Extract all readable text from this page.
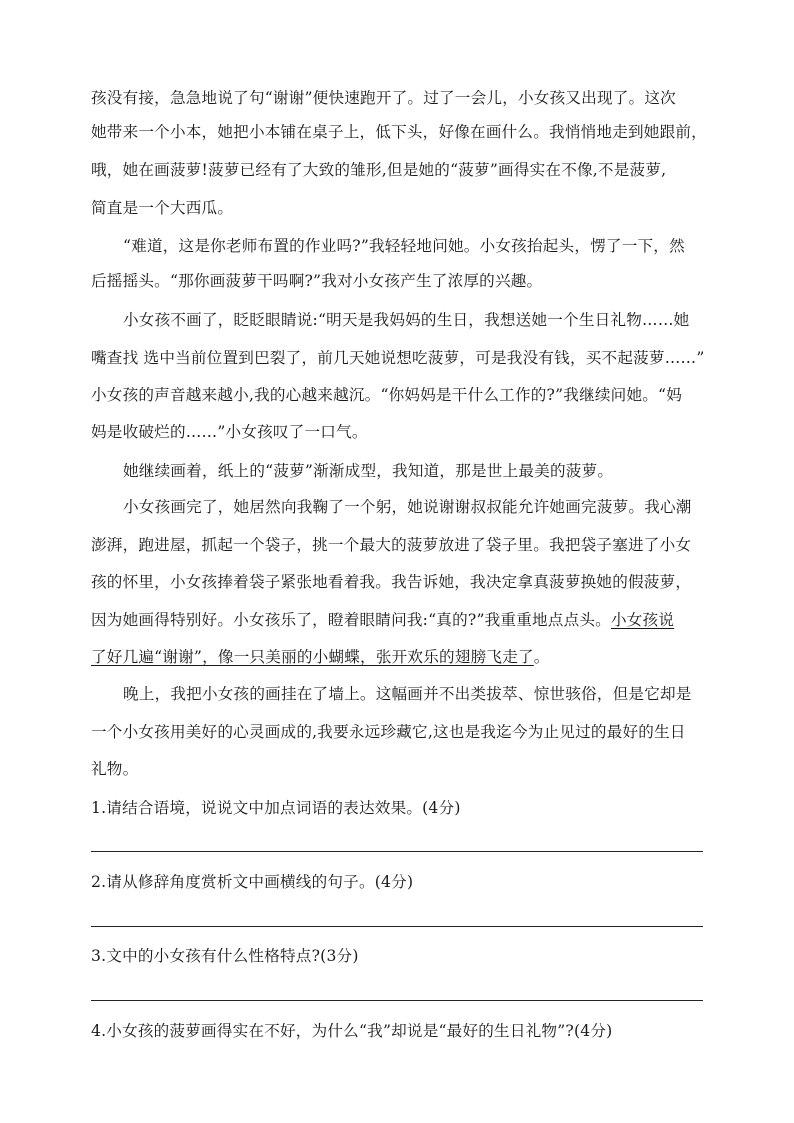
孩没有接，急急地说了句“谢谢”便快速跑开了。过了一会儿，小女孩又出现了。这次
她带来一个小本，她把小本铺在桌子上，低下头，好像在画什么。我悄悄地走到她跟前，
哦，她在画菠萝!菠萝已经有了大致的雏形,但是她的“菠萝”画得实在不像,不是菠萝,
简直是一个大西瓜。
“难道，这是你老师布置的作业吗?”我轻轻地问她。小女孩抬起头，愣了一下，然
后摇摇头。“那你画菠萝干吗啊?”我对小女孩产生了浓厚的兴趣。
小女孩不画了，眨眨眼睛说:“明天是我妈妈的生日，我想送她一个生日礼物……她
嘴查找 选中当前位置到巴裂了，前几天她说想吃菠萝，可是我没有钱，买不起菠萝……”
小女孩的声音越来越小,我的心越来越沉。“你妈妈是干什么工作的?”我继续问她。“妈
妈是收破烂的……”小女孩叹了一口气。
她继续画着，纸上的“菠萝”渐渐成型，我知道，那是世上最美的菠萝。
小女孩画完了，她居然向我鞠了一个躬，她说谢谢叔叔能允许她画完菠萝。我心潮
澎湃，跑进屋，抓起一个袋子，挑一个最大的菠萝放进了袋子里。我把袋子塞进了小女
孩的怀里，小女孩捧着袋子紧张地看着我。我告诉她，我决定拿真菠萝换她的假菠萝，
因为她画得特别好。小女孩乐了，瞪着眼睛问我:“真的?”我重重地点点头。小女孩说
了好几遍“谢谢”，像一只美丽的小蝴蝶，张开欢乐的翅膀飞走了。
晚上，我把小女孩的画挂在了墙上。这幅画并不出类拔萃、惊世骇俗，但是它却是
一个小女孩用美好的心灵画成的,我要永远珍藏它,这也是我迄今为止见过的最好的生日
礼物。
1.请结合语境，说说文中加点词语的表达效果。(4分)
2.请从修辞角度赏析文中画横线的句子。(4分)
3.文中的小女孩有什么性格特点?(3分)
4.小女孩的菠萝画得实在不好，为什么“我”却说是“最好的生日礼物”?(4分)
